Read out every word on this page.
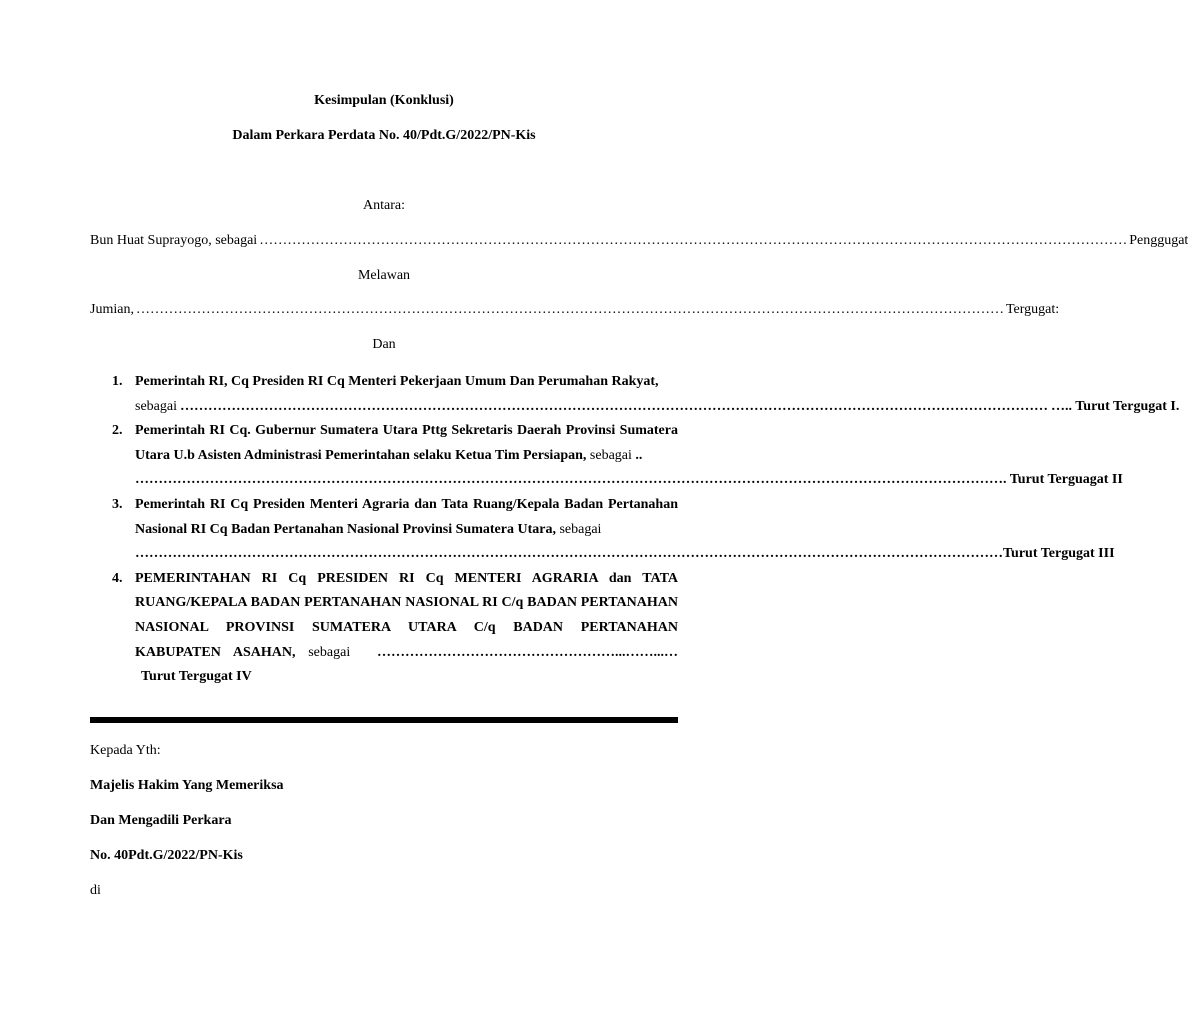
Kesimpulan (Konklusi)
Dalam Perkara Perdata No. 40/Pdt.G/2022/PN-Kis
Antara:
Bun Huat Suprayogo, sebagai …………………………………………………………………………………………………………………………………………………………………… Penggugat
Melawan
Jumian, …………………………………………………………………………………………………………………………………………………………………… Tergugat:
Dan
1. Pemerintah RI, Cq Presiden RI Cq Menteri Pekerjaan Umum Dan Perumahan Rakyat,
sebagai …………………………………………………………………………………………………………………………………………………………………… ….. Turut Tergugat I.
2. Pemerintah RI Cq. Gubernur Sumatera Utara Pttg Sekretaris Daerah Provinsi Sumatera Utara U.b Asisten Administrasi Pemerintahan selaku Ketua Tim Persiapan, sebagai ..
…………………………………………………………………………………………………………………………………………………………………… . Turut Terguagat II
3. Pemerintah RI Cq Presiden Menteri Agraria dan Tata Ruang/Kepala Badan Pertanahan Nasional RI Cq Badan Pertanahan Nasional Provinsi Sumatera Utara, sebagai
…………………………………………………………………………………………………………………………………………………………………… Turut Tergugat III
4. PEMERINTAHAN RI Cq PRESIDEN RI Cq MENTERI AGRARIA dan TATA RUANG/KEPALA BADAN PERTANAHAN NASIONAL RI C/q BADAN PERTANAHAN NASIONAL PROVINSI SUMATERA UTARA C/q BADAN PERTANAHAN KABUPATEN ASAHAN, sebagai ……………………………………………...……...… Turut Tergugat IV
Kepada Yth:
Majelis Hakim Yang Memeriksa
Dan Mengadili Perkara
No. 40Pdt.G/2022/PN-Kis
di
